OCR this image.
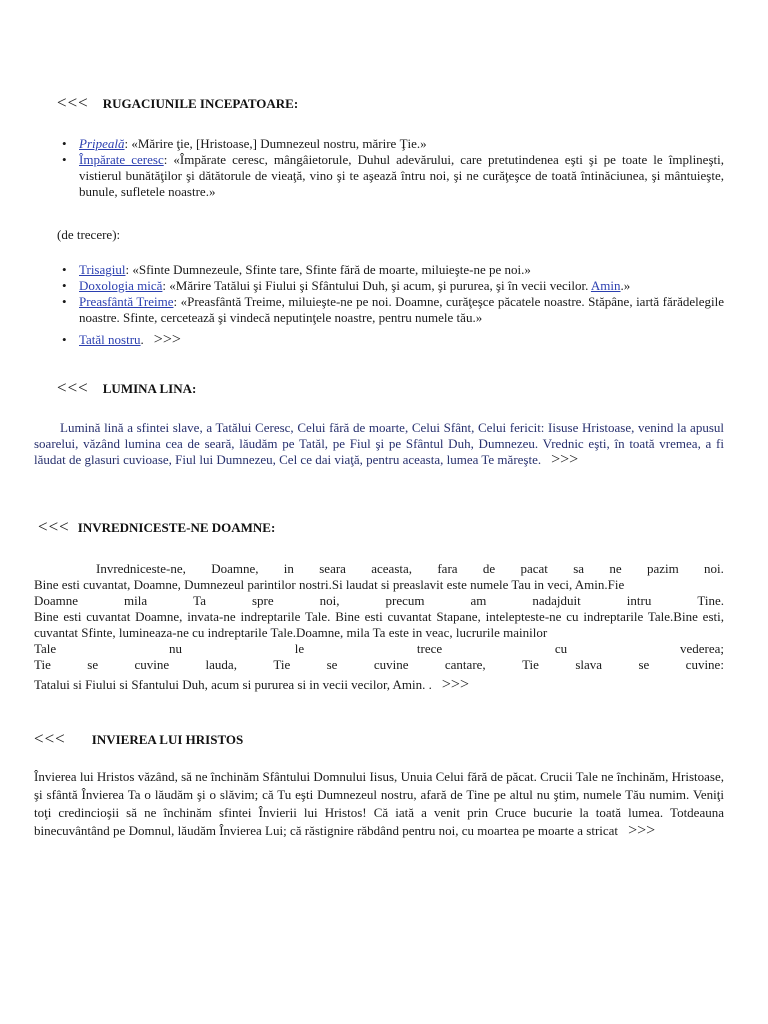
<<< RUGACIUNILE INCEPATOARE:
• Pripeală: «Mărire ţie, [Hristoase,] Dumnezeul nostru, mărire Ţie.»
• Împărate ceresc: «Împărate ceresc, mângâietorule, Duhul adevărului, care pretutindenea eşti şi pe toate le împlineşti, vistierul bunătăţilor şi dătătorule de vieaţă, vino şi te aşează întru noi, şi ne curăţeşce de toată întinăciunea, şi mântuieşte, bunule, sufletele noastre.»
(de trecere):
• Trisagiul: «Sfinte Dumnezeule, Sfinte tare, Sfinte fără de moarte, miluieşte-ne pe noi.»
• Doxologia mică: «Mărire Tatălui şi Fiului şi Sfântului Duh, şi acum, şi pururea, şi în vecii vecilor. Amin.»
• Preasfântă Treime: «Preasfântă Treime, miluieşte-ne pe noi. Doamne, curăţeşce păcatele noastre. Stăpâne, iartă fărădelegile noastre. Sfinte, cercetează şi vindecă neputinţele noastre, pentru numele tău.»
• Tatăl nostru. >>>
<<< LUMINA LINA:
Lumină lină a sfintei slave, a Tatălui Ceresc, Celui fără de moarte, Celui Sfânt, Celui fericit: Iisuse Hristoase, venind la apusul soarelui, văzând lumina cea de seară, lăudăm pe Tatăl, pe Fiul şi pe Sfântul Duh, Dumnezeu. Vrednic eşti, în toată vremea, a fi lăudat de glasuri cuvioase, Fiul lui Dumnezeu, Cel ce dai viaţă, pentru aceasta, lumea Te măreşte. >>>
<<< INVREDNICESTE-NE DOAMNE:
Invredniceste-ne, Doamne, in seara aceasta, fara de pacat sa ne pazim noi.
Bine esti cuvantat, Doamne, Dumnezeul parintilor nostri.Si laudat si preaslavit este numele Tau in veci, Amin.Fie
Doamne	mila	Ta	spre	noi,	precum	am	nadajduit	intru	Tine.
Bine esti cuvantat Doamne, invata-ne indreptarile Tale. Bine esti cuvantat Stapane, intelepteste-ne cu indreptarile Tale.Bine esti, cuvantat Sfinte, lumineaza-ne cu indreptarile Tale.Doamne, mila Ta este in veac, lucrurile mainilor
Tale	nu	le	trece	cu	vederea;
Tie	se	cuvine	lauda,	Tie	se	cuvine	cantare,	Tie	slava	se	cuvine:
Tatalui si Fiului si Sfantului Duh, acum si pururea si in vecii vecilor, Amin. . >>>
<<< INVIEREA LUI HRISTOS
Învierea lui Hristos văzând, să ne închinăm Sfântului Domnului Iisus, Unuia Celui fără de păcat. Crucii Tale ne închinăm, Hristoase, şi sfântă Învierea Ta o lăudăm şi o slăvim; că Tu eşti Dumnezeul nostru, afară de Tine pe altul nu ştim, numele Tău numim. Veniţi toţi credincioşii să ne închinăm sfintei Învierii lui Hristos! Că iată a venit prin Cruce bucurie la toată lumea. Totdeauna binecuvântând pe Domnul, lăudăm Învierea Lui; că răstignire răbdând pentru noi, cu moartea pe moarte a stricat >>>
